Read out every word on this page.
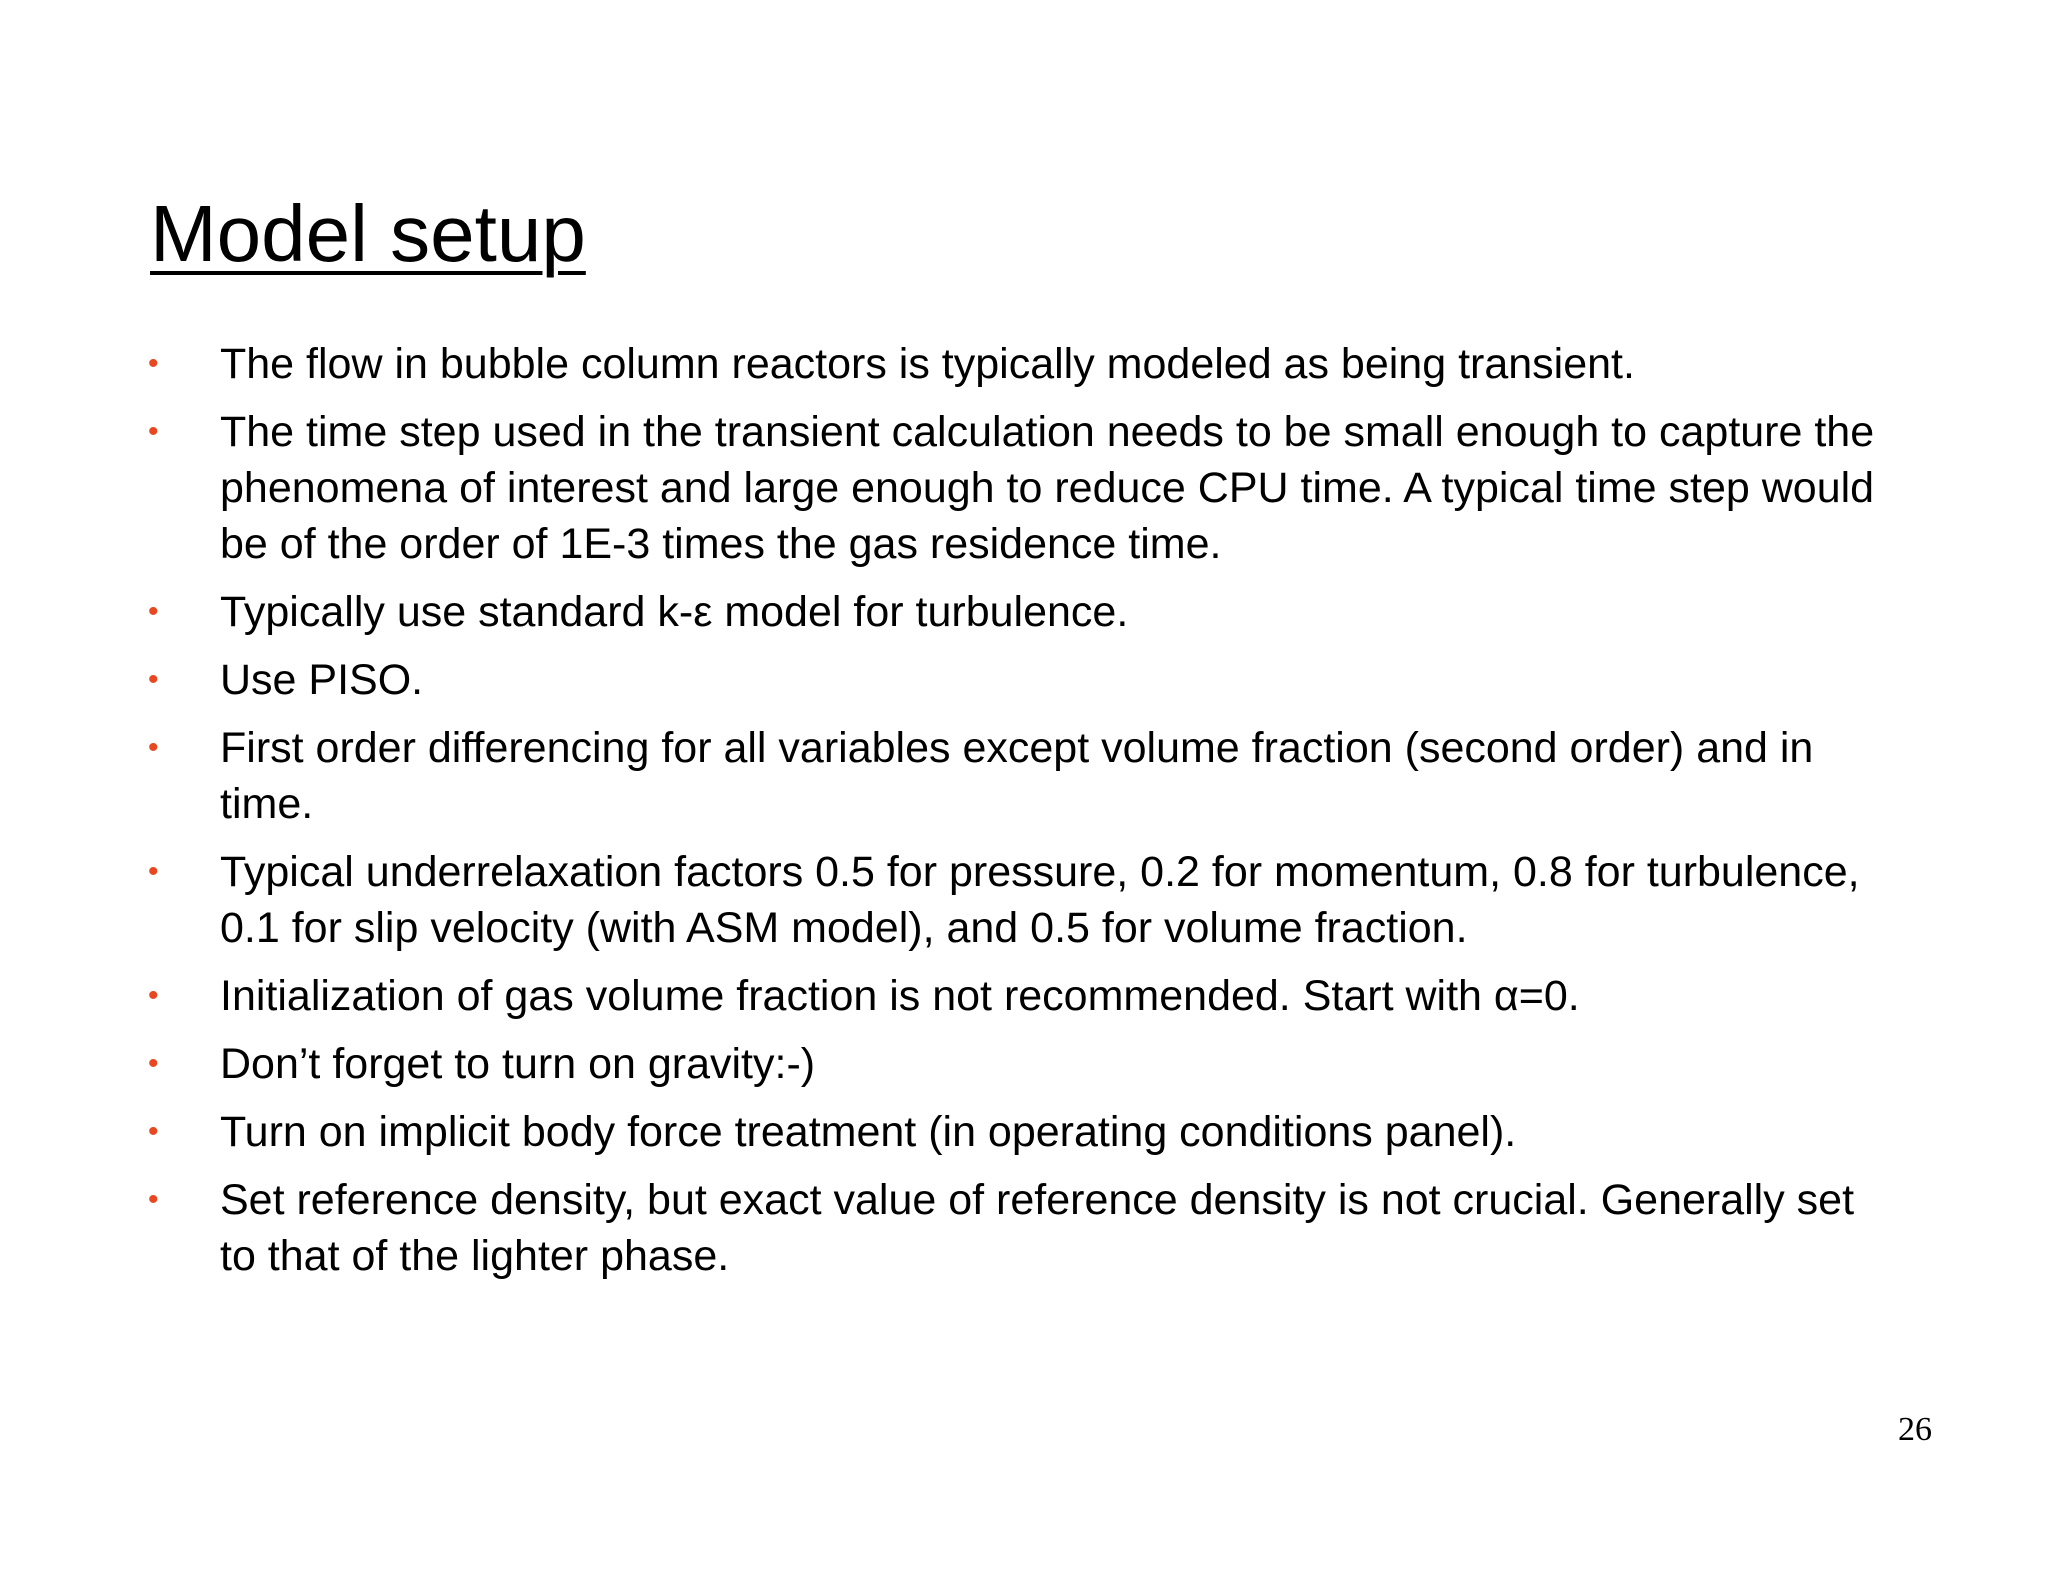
Model setup
• The flow in bubble column reactors is typically modeled as being transient.
• The time step used in the transient calculation needs to be small enough to capture the phenomena of interest and large enough to reduce CPU time. A typical time step would be of the order of 1E-3 times the gas residence time.
• Typically use standard k-ε model for turbulence.
• Use PISO.
• First order differencing for all variables except volume fraction (second order) and in time.
• Typical underrelaxation factors 0.5 for pressure, 0.2 for momentum, 0.8 for turbulence, 0.1 for slip velocity (with ASM model), and 0.5 for volume fraction.
• Initialization of gas volume fraction is not recommended. Start with α=0.
• Don’t forget to turn on gravity:-)
• Turn on implicit body force treatment (in operating conditions panel).
• Set reference density, but exact value of reference density is not crucial. Generally set to that of the lighter phase.
26
